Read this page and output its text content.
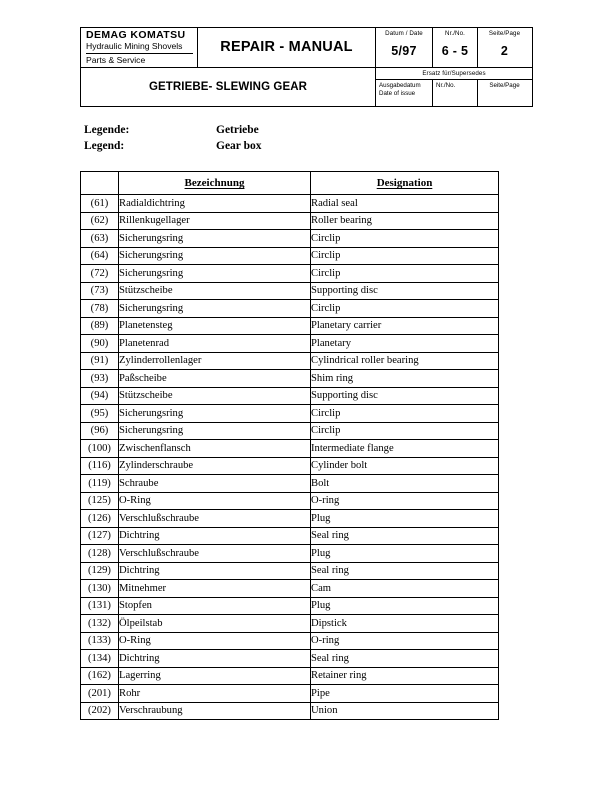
DEMAG KOMATSU
Hydraulic Mining Shovels
Parts & Service
REPAIR - MANUAL
Datum / Date
5/97
Nr./No.
6 - 5
Seite/Page
2
GETRIEBE- SLEWING GEAR
Ersatz für/Supersedes
Ausgabedatum
Date of issue
Nr./No.	Seite/Page
Legende:	Getriebe
Legend:	Gear box
	Bezeichnung	Designation
(61)	Radialdichtring	Radial seal
(62)	Rillenkugellager	Roller bearing
(63)	Sicherungsring	Circlip
(64)	Sicherungsring	Circlip
(72)	Sicherungsring	Circlip
(73)	Stützscheibe	Supporting disc
(78)	Sicherungsring	Circlip
(89)	Planetensteg	Planetary carrier
(90)	Planetenrad	Planetary
(91)	Zylinderrollenlager	Cylindrical roller bearing
(93)	Paßscheibe	Shim ring
(94)	Stützscheibe	Supporting disc
(95)	Sicherungsring	Circlip
(96)	Sicherungsring	Circlip
(100)	Zwischenflansch	Intermediate flange
(116)	Zylinderschraube	Cylinder bolt
(119)	Schraube	Bolt
(125)	O-Ring	O-ring
(126)	Verschlußschraube	Plug
(127)	Dichtring	Seal ring
(128)	Verschlußschraube	Plug
(129)	Dichtring	Seal ring
(130)	Mitnehmer	Cam
(131)	Stopfen	Plug
(132)	Ölpeilstab	Dipstick
(133)	O-Ring	O-ring
(134)	Dichtring	Seal ring
(162)	Lagerring	Retainer ring
(201)	Rohr	Pipe
(202)	Verschraubung	Union
